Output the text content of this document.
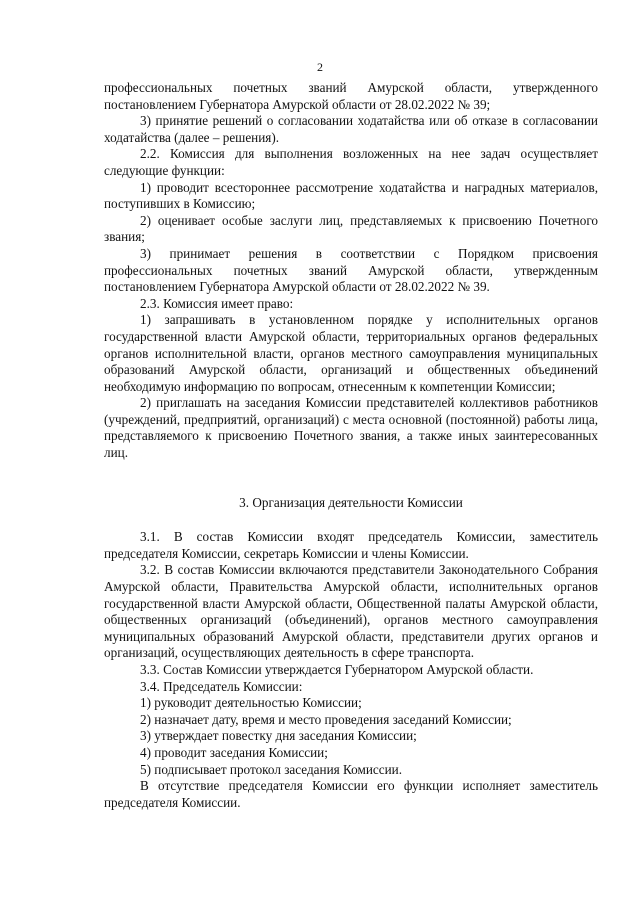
2

профессиональных почетных званий Амурской области, утвержденного постановлением Губернатора Амурской области от 28.02.2022 № 39;

3) принятие решений о согласовании ходатайства или об отказе в согласовании ходатайства (далее – решения).

2.2. Комиссия для выполнения возложенных на нее задач осуществляет следующие функции:

1) проводит всестороннее рассмотрение ходатайства и наградных материалов, поступивших в Комиссию;

2) оценивает особые заслуги лиц, представляемых к присвоению Почетного звания;

3) принимает решения в соответствии с Порядком присвоения профессиональных почетных званий Амурской области, утвержденным постановлением Губернатора Амурской области от 28.02.2022 № 39.

2.3. Комиссия имеет право:

1) запрашивать в установленном порядке у исполнительных органов государственной власти Амурской области, территориальных органов федеральных органов исполнительной власти, органов местного самоуправления муниципальных образований Амурской области, организаций и общественных объединений необходимую информацию по вопросам, отнесенным к компетенции Комиссии;

2) приглашать на заседания Комиссии представителей коллективов работников (учреждений, предприятий, организаций) с места основной (постоянной) работы лица, представляемого к присвоению Почетного звания, а также иных заинтересованных лиц.

3. Организация деятельности Комиссии

3.1. В состав Комиссии входят председатель Комиссии, заместитель председателя Комиссии, секретарь Комиссии и члены Комиссии.

3.2. В состав Комиссии включаются представители Законодательного Собрания Амурской области, Правительства Амурской области, исполнительных органов государственной власти Амурской области, Общественной палаты Амурской области, общественных организаций (объединений), органов местного самоуправления муниципальных образований Амурской области, представители других органов и организаций, осуществляющих деятельность в сфере транспорта.

3.3. Состав Комиссии утверждается Губернатором Амурской области.

3.4. Председатель Комиссии:

1) руководит деятельностью Комиссии;

2) назначает дату, время и место проведения заседаний Комиссии;

3) утверждает повестку дня заседания Комиссии;

4) проводит заседания Комиссии;

5) подписывает протокол заседания Комиссии.

В отсутствие председателя Комиссии его функции исполняет заместитель председателя Комиссии.
